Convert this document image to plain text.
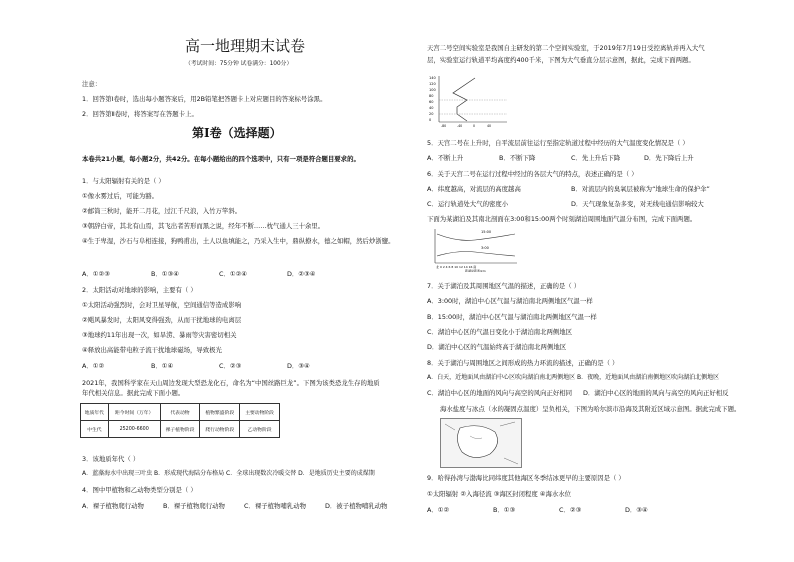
高一地理期末试卷
（考试时间：75分钟 试卷满分：100分）
注意：
1．回答第Ⅰ卷时，选出每小题答案后，用2B铅笔把答题卡上对应题目的答案标号涂黑。
2．回答第Ⅱ卷时，将答案写在答题卡上。
第Ⅰ卷（选择题）
本卷共21小题，每小题2分，共42分。在每小题给出的四个选项中，只有一项是符合题目要求的。
1．与太阳辐射有关的是（ ）
①像水雾过后，可能为豁。
②邮筒三秋时，能开二月花，过江千尺浪，入竹万竿斜。
③朝辞白帝，其北有山焉，其飞出者苦形而黑之说，经年不断……枕气通人三十余里。
④生于卑湿，沙石与阜相连接，狗鸭甫出，土人以鱼填能之，乃采入生中，鼎纵撩水，德之如帽，然后炒浙鹽。
A．①②③	B．①③④	C．①②④	D．②③④
2．太阳活动对地球的影响，主要有（ ）
①太阳活动强烈时，会对卫星导航，空间通信等造成影响
②飓风暴发时，太阳风变得强劲，从而干扰地球的电离层
③地球约11年出现一次，如旱涝、暴雨等灾害密切相关
④释放出高能带电粒子流干扰地球磁场，导致极光
A．①②	B．①④	C．②③	D．③④
2021年，我国科学家在天山周边发现大型恐龙化石，命名为“中国丝路巨龙”。下图为该类恐龙生存的地质年代相关信息。据此完成下面小题。
地质年代	距今时间（万年）	代表动物	植物繁盛阶段	主要动物阶段
中生代	25200-6600	裸子植物阶段	爬行动物阶段	乙动物阶段
3．该地质年代（ ）
A．蓝藻海水中出现三叶虫 B．形成现代海陆分布格局 C．全球出现数次冷暖交替 D．是地质历史主要的成煤期
4．图中甲植物和乙动物类型分别是（ ）
A．裸子植物爬行动物	B．裸子植物爬行动物	C．裸子植物哺乳动物	D．被子植物哺乳动物
天宫二号空间实验室是我国自主研发的第二个空间实验室，于2019年7月19日受控离轨并再入大气层，实验室运行轨道平均高度约400千米，下图为大气垂直分层示意图，据此，完成下面两题。
140
120
100
80
60
40
20
0
-80	-40	0	40
5．天宫二号在上升时，自平流层前往运行至指定轨道过程中经历的大气温度变化情况是（ ）
A．不断上升	B．不断下降	C．先上升后下降	D．先下降后上升
6．关于天宫二号在运行过程中经过的各层大气的特点，表述正确的是（ ）
A．纬度越高，对流层的高度越高	B．对流层内的臭氧层被称为“地球生命的保护伞”
C．运行轨道处大气的密度小	D．天气现象复杂多变，对无线电通信影响较大
下面为某湖泊及其南北剖面在3:00和15:00两个时刻湖泊周围地面气温分布图，完成下面两题。
15:00
3:00
北 0 2 4 6 8 10 12 14 16 南
距湖岸距离/km
7．关于湖泊及其周围地区气温的描述，正确的是（ ）
A．3:00时，湖泊中心区气温与湖泊南北两侧地区气温一样
B．15:00时，湖泊中心区气温与湖泊南北两侧地区气温一样
C．湖泊中心区的气温日变化小于湖泊南北两侧地区
D．湖泊中心区的气温始终高于湖泊南北两侧地区
8．关于湖泊与周围地区之间形成的热力环流的描述，正确的是（ ）
A．白天，近地面风由湖泊中心区吹向湖泊南北两侧地区 B．夜晚，近地面风由湖泊南侧地区吹向湖泊北侧地区
C．湖泊中心区的地面的风向与高空的风向正好相同 D．湖泊中心区的地面的风向与高空的风向正好相反
海水盐度与冰点（水的凝固点温度）呈负相关，下图为哈尔滨市沿海及其附近区域示意图。据此完成下题。
9．哈得孙湾与渤海比同纬度其他海区冬季结冰更早的主要原因是（ ）
①太阳辐射 ②入海径流 ③海区封闭程度 ④海水水位
A．①②	B．①③	C．②③	D．③④
